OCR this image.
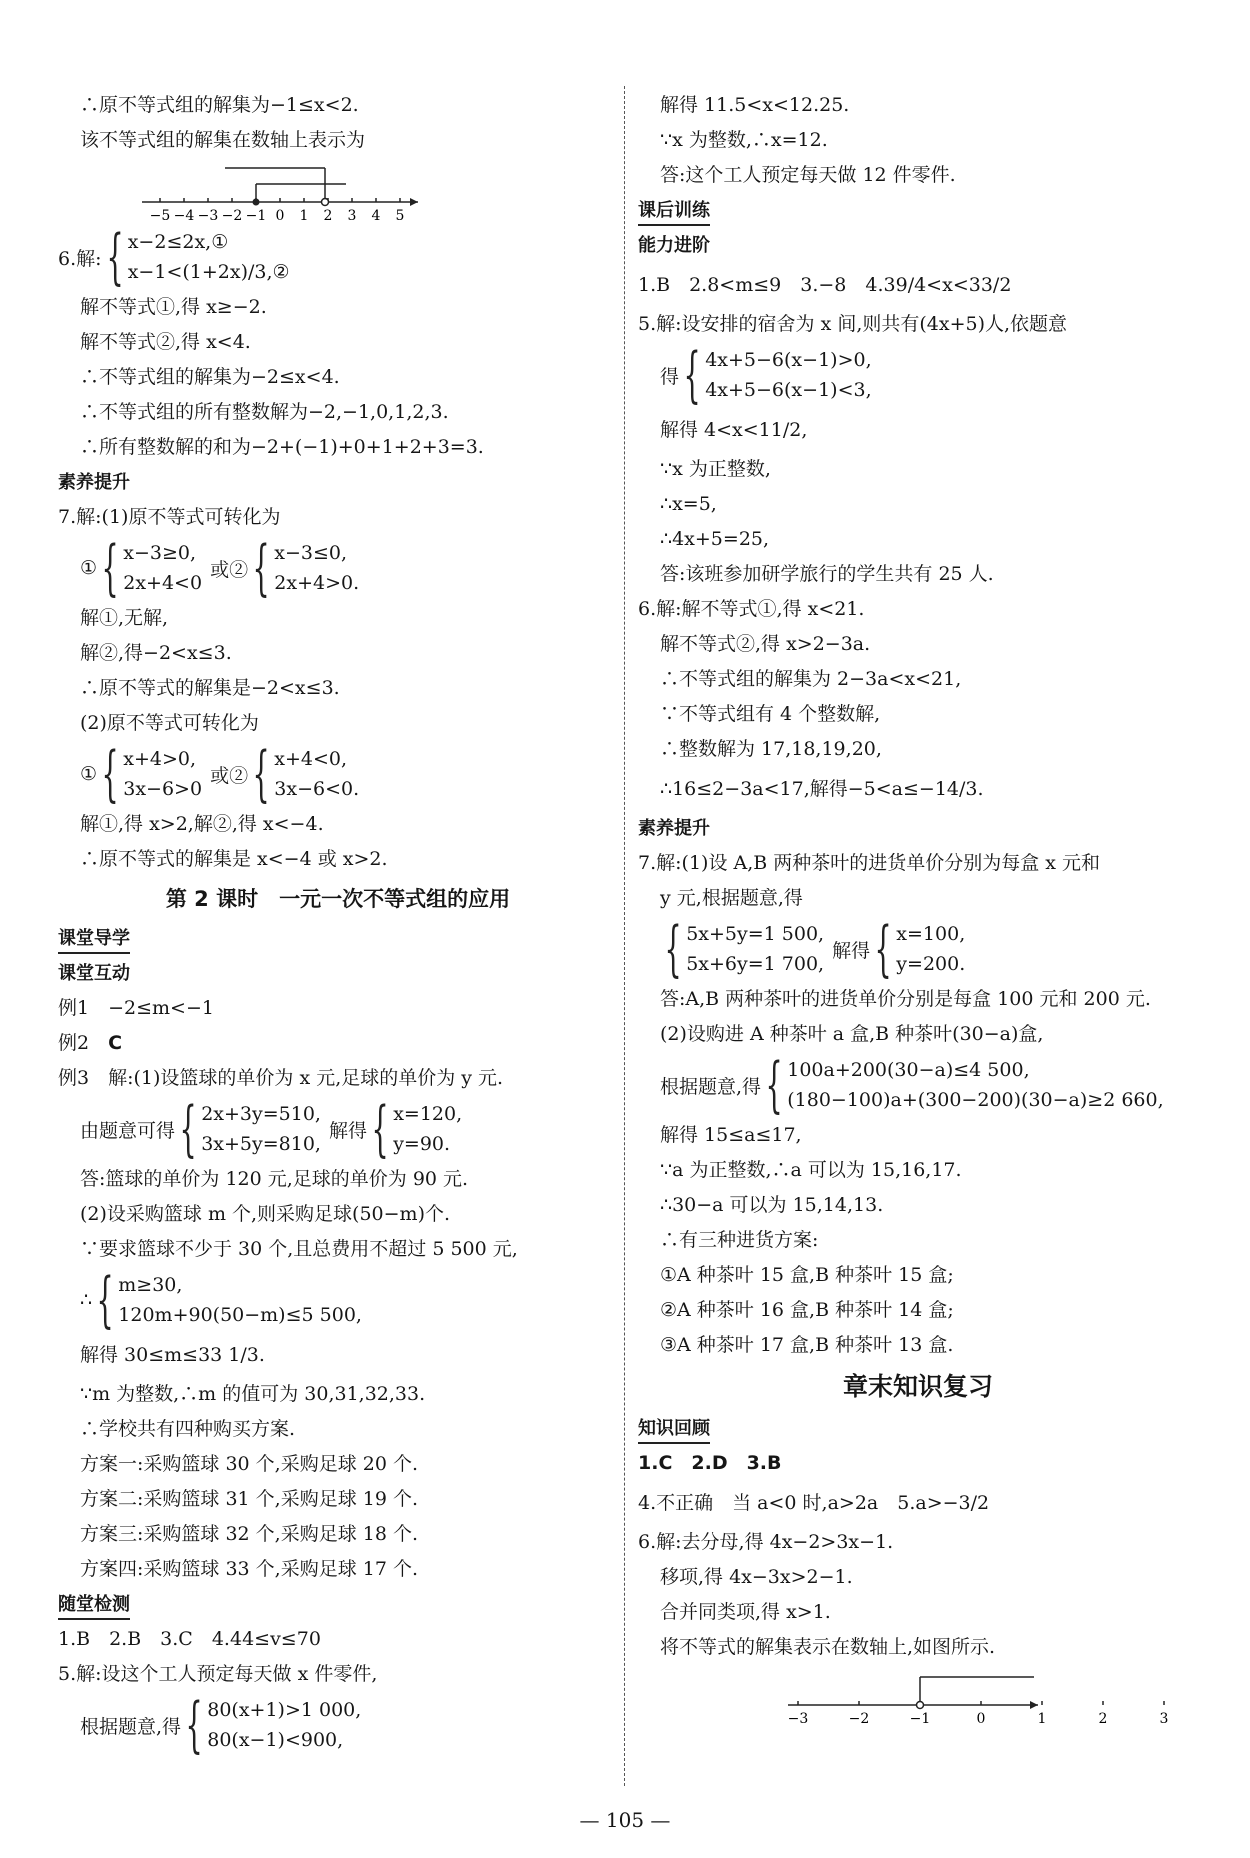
∴原不等式组的解集为−1≤x<2.
该不等式组的解集在数轴上表示为
−5 −4 −3 −2 −1 0 1 2 3 4 5
6.解: { x−2≤2x,①
x−1<(1+2x)/3,②
解不等式①,得 x≥−2.
解不等式②,得 x<4.
∴不等式组的解集为−2≤x<4.
∴不等式组的所有整数解为−2,−1,0,1,2,3.
∴所有整数解的和为−2+(−1)+0+1+2+3=3.
素养提升
7.解:(1)原不等式可转化为
① { x−3≥0,
2x+4<0
或② { x−3≤0,
2x+4>0.
解①,无解,
解②,得−2<x≤3.
∴原不等式的解集是−2<x≤3.
(2)原不等式可转化为
① { x+4>0,
3x−6>0
或② { x+4<0,
3x−6<0.
解①,得 x>2,解②,得 x<−4.
∴原不等式的解集是 x<−4 或 x>2.
第 2 课时　一元一次不等式组的应用
课堂导学
课堂互动
例1　−2≤m<−1
例2　 C
例3　解:(1)设篮球的单价为 x 元,足球的单价为 y 元.
由题意可得 { 2x+3y=510,
3x+5y=810,
解得 { x=120,
y=90.
答:篮球的单价为 120 元,足球的单价为 90 元.
(2)设采购篮球 m 个,则采购足球(50−m)个.
∵要求篮球不少于 30 个,且总费用不超过 5 500 元,
∴ { m≥30,
120m+90(50−m)≤5 500,
解得 30≤m≤33 1/3.
∵m 为整数,∴m 的值可为 30,31,32,33.
∴学校共有四种购买方案.
方案一:采购篮球 30 个,采购足球 20 个.
方案二:采购篮球 31 个,采购足球 19 个.
方案三:采购篮球 32 个,采购足球 18 个.
方案四:采购篮球 33 个,采购足球 17 个.
随堂检测
1.B　2.B　3.C　4.44≤v≤70
5.解:设这个工人预定每天做 x 件零件,
根据题意,得 { 80(x+1)>1 000,
80(x−1)<900,
解得 11.5<x<12.25.
∵x 为整数,∴x=12.
答:这个工人预定每天做 12 件零件.
课后训练
能力进阶
1.B　2.8<m≤9　3.−8　4.39/4<x<33/2
5.解:设安排的宿舍为 x 间,则共有(4x+5)人,依题意
得 { 4x+5−6(x−1)>0,
4x+5−6(x−1)<3,
解得 4<x<11/2,
∵x 为正整数,
∴x=5,
∴4x+5=25,
答:该班参加研学旅行的学生共有 25 人.
6.解:解不等式①,得 x<21.
解不等式②,得 x>2−3a.
∴不等式组的解集为 2−3a<x<21,
∵不等式组有 4 个整数解,
∴整数解为 17,18,19,20,
∴16≤2−3a<17,解得−5<a≤−14/3.
素养提升
7.解:(1)设 A,B 两种茶叶的进货单价分别为每盒 x 元和
y 元,根据题意,得
{ 5x+5y=1 500,
5x+6y=1 700,
解得 { x=100,
y=200.
答:A,B 两种茶叶的进货单价分别是每盒 100 元和 200 元.
(2)设购进 A 种茶叶 a 盒,B 种茶叶(30−a)盒,
根据题意,得 { 100a+200(30−a)≤4 500,
(180−100)a+(300−200)(30−a)≥2 660,
解得 15≤a≤17,
∵a 为正整数,∴a 可以为 15,16,17.
∴30−a 可以为 15,14,13.
∴有三种进货方案:
①A 种茶叶 15 盒,B 种茶叶 15 盒;
②A 种茶叶 16 盒,B 种茶叶 14 盒;
③A 种茶叶 17 盒,B 种茶叶 13 盒.
章末知识复习
知识回顾
1.C　2.D　3.B
4.不正确　当 a<0 时,a>2a　5.a>−3/2
6.解:去分母,得 4x−2>3x−1.
移项,得 4x−3x>2−1.
合并同类项,得 x>1.
将不等式的解集表示在数轴上,如图所示.
−3	−2	−1	0	1	2	3
— 105 —
